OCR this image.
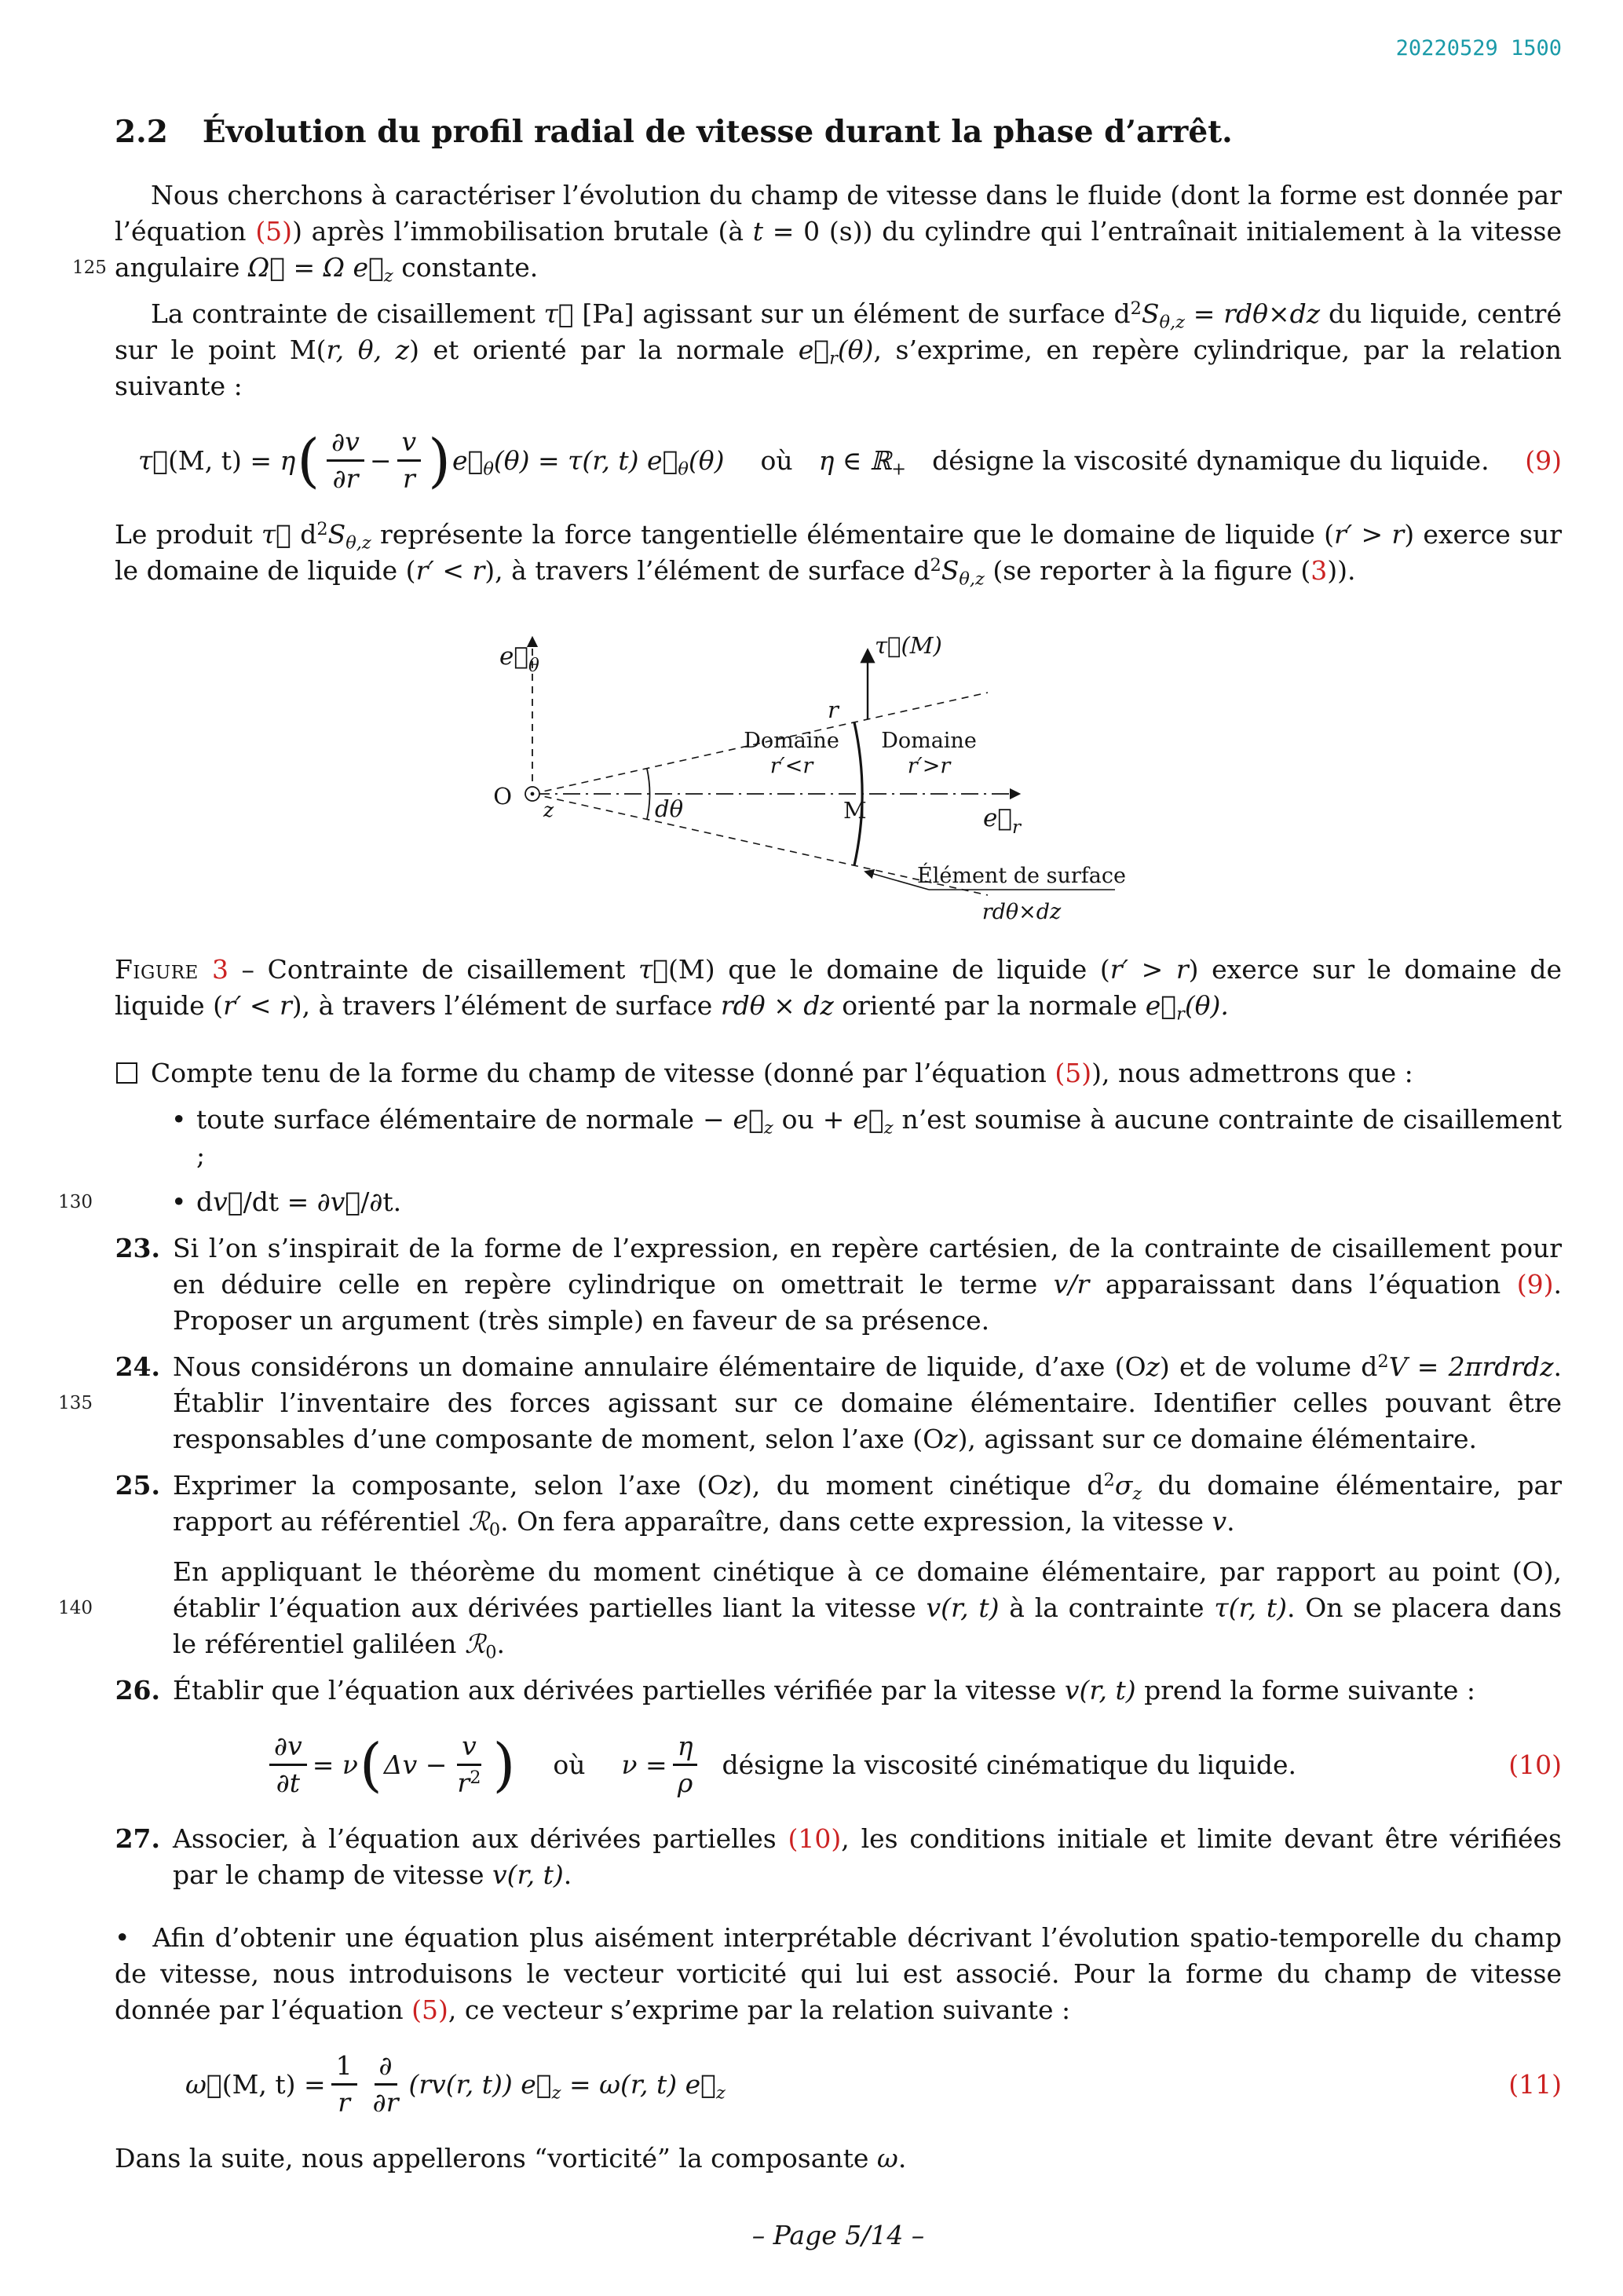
20220529 1500
2.2 Évolution du profil radial de vitesse durant la phase d’arrêt.

125
Nous cherchons à caractériser l’évolution du champ de vitesse dans le fluide (dont la forme est donnée par l’équation (5)) après l’immobilisation brutale (à t = 0 (s)) du cylindre qui l’entraînait initialement à la vitesse angulaire Ω⃗ = Ω $e⃗_z$ constante.

La contrainte de cisaillement τ⃗ [Pa] agissant sur un élément de surface $d^2S_{\theta,z} = rd\theta\times dz$ du liquide, centré sur le point M(r, θ, z) et orienté par la normale $e⃗_r(\theta)$, s’exprime, en repère cylindrique, par la relation suivante :

τ⃗(M, t) = η ( $\frac{\partial v}{\partial r} - \frac{v}{r}$ ) $e⃗_\theta(\theta) = \tau(r$, t) $e⃗_\theta(\theta)$ où  η ∈ ℝ$_+$ désigne la viscosité dynamique du liquide. (9)

Le produit τ⃗ $d^2S_{\theta,z}$ représente la force tangentielle élémentaire que le domaine de liquide (r′ > r) exerce sur le domaine de liquide (r′ < r), à travers l’élément de surface $d^2S_{\theta,z}$ (se reporter à la figure (3)).

$e⃗_\theta$
τ⃗(M)
r
Domaine
r′<r
Domaine
r′>r
O
z	dθ	M	$e⃗_r$
Élément de surface
rdθ×dz

Figure 3 – Contrainte de cisaillement τ⃗(M) que le domaine de liquide (r′ > r) exerce sur le domaine de liquide (r′ < r), à travers l’élément de surface rdθ × dz orienté par la normale $e⃗_r(\theta)$.

Compte tenu de la forme du champ de vitesse (donné par l’équation (5)), nous admettrons que :

• toute surface élémentaire de normale − $e⃗_z$ ou + $e⃗_z$ n’est soumise à aucune contrainte de cisaillement ;

130	• dv⃗/dt = ∂v⃗/∂t.

23. Si l’on s’inspirait de la forme de l’expression, en repère cartésien, de la contrainte de cisaillement pour en déduire celle en repère cylindrique on omettrait le terme v/r apparaissant dans l’équation (9). Proposer un argument (très simple) en faveur de sa présence.
135
24. Nous considérons un domaine annulaire élémentaire de liquide, d’axe (Oz) et de volume $d^2V$ = 2πrdrdz. Établir l’inventaire des forces agissant sur ce domaine élémentaire. Identifier celles pouvant être responsables d’une composante de moment, selon l’axe (Oz), agissant sur ce domaine élémentaire.
25. Exprimer la composante, selon l’axe (Oz), du moment cinétique $d^2\sigma_z$ du domaine élémentaire, par rapport au référentiel ℛ$_0$. On fera apparaître, dans cette expression, la vitesse v.
140
En appliquant le théorème du moment cinétique à ce domaine élémentaire, par rapport au point (O), établir l’équation aux dérivées partielles liant la vitesse v(r, t) à la contrainte τ(r, t). On se placera dans le référentiel galiléen ℛ$_0$.
26. Établir que l’équation aux dérivées partielles vérifiée par la vitesse v(r, t) prend la forme suivante :
$\frac{\partial v}{\partial t} = \nu$ ( $\Delta v - \frac{v}{r^2}$ ) où $\nu = \frac{\eta}{\rho}$ désigne la viscosité cinématique du liquide.	(10)
27. Associer, à l’équation aux dérivées partielles (10), les conditions initiale et limite devant être vérifiées par le champ de vitesse v(r, t).

• Afin d’obtenir une équation plus aisément interprétable décrivant l’évolution spatio-temporelle du champ de vitesse, nous introduisons le vecteur vorticité qui lui est associé. Pour la forme du champ de vitesse donnée par l’équation (5), ce vecteur s’exprime par la relation suivante :

ω⃗(M, $t) = \frac{1}{r} \frac{\partial}{\partial r} (rv(r$, t)) $e⃗_z = \omega(r$, t) $e⃗_z$	(11)

Dans la suite, nous appellerons “vorticité” la composante ω.

– Page 5/14 –
